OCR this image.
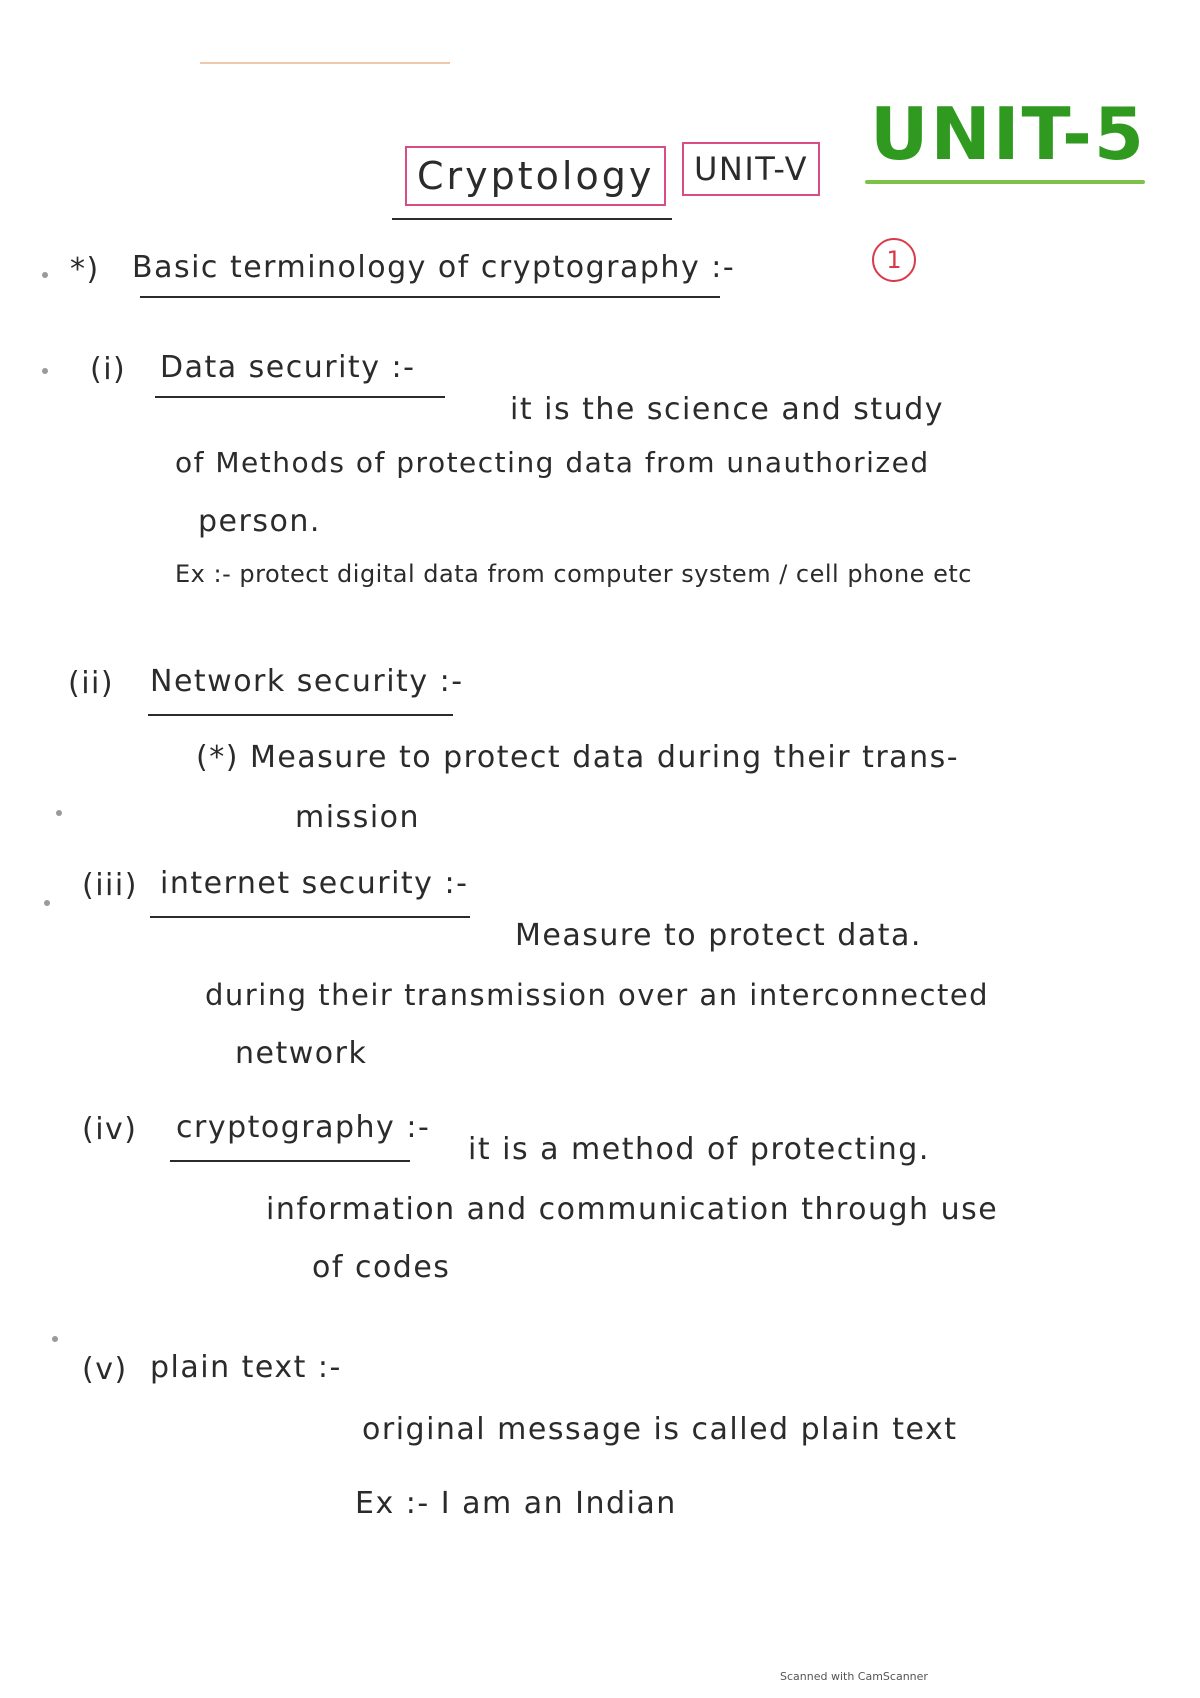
Cryptology	UNIT-V UNIT-5
1
*) Basic terminology of cryptography :-
(i) Data security :-
it is the science and study
of Methods of protecting data from unauthorized
person.
Ex :- protect digital data from computer system / cell phone etc
(ii) Network security :-
(*) Measure to protect data during their trans-
mission
(iii) internet security :-
Measure to protect data.
during their transmission over an interconnected
network
(iv) cryptography :-
it is a method of protecting.
information and communication through use
of codes
(v) plain text :-
original message is called plain text
Ex :- I am an Indian
Scanned with CamScanner
